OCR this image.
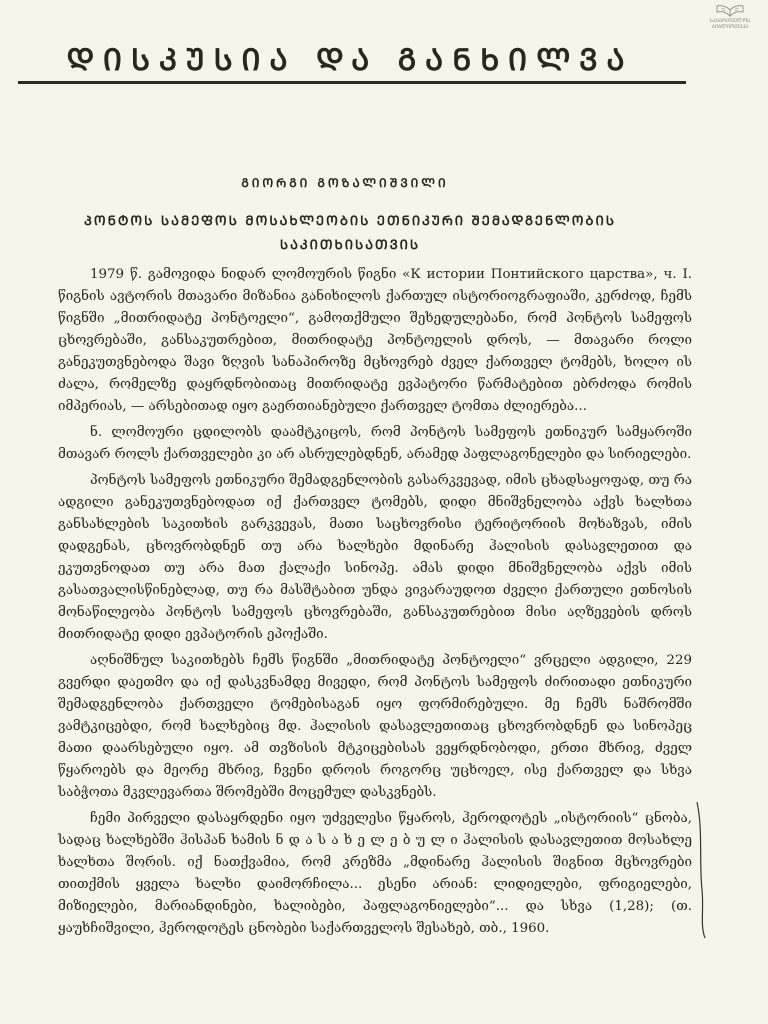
ᲡᲐᲥᲐᲠᲗᲕᲔᲚᲝᲡ
ᲑᲘᲑᲚᲘᲝᲗᲔᲙᲐ
ᲓᲘᲡᲙᲣᲡᲘᲐ ᲓᲐ ᲒᲐᲜᲮᲘᲚᲕᲐ
ᲒᲘᲝᲠᲒᲘ ᲒᲝᲖᲐᲚᲘᲨᲕᲘᲚᲘ
ᲞᲝᲜᲢᲝᲡ ᲡᲐᲛᲔᲤᲝᲡ ᲛᲝᲡᲐᲮᲚᲔᲝᲑᲘᲡ ᲔᲗᲜᲘᲙᲣᲠᲘ ᲨᲔᲛᲐᲓᲒᲔᲜᲚᲝᲑᲘᲡ ᲡᲐᲙᲘᲗᲮᲘᲡᲐᲗᲕᲘᲡ

1979 წ. გამოვიდა ნიდარ ლომოურის წიგნი «К истории Понтийского царства», ч. I. წიგნის ავტორის მთავარი მიზანია განიხილოს ქართულ ისტორიოგრაფიაში, კერძოდ, ჩემს წიგნში „მითრიდატე პონტოელი“, გამოთქმული შეხედულებანი, რომ პონტოს სამეფოს ცხოვრებაში, განსაკუთრებით, მითრიდატე პონტოელის დროს, — მთავარი როლი განეკუთვნებოდა შავი ზღვის სანაპიროზე მცხოვრებ ძველ ქართველ ტომებს, ხოლო ის ძალა, რომელზე დაყრდნობითაც მითრიდატე ევპატორი წარმატებით ებრძოდა რომის იმპერიას, — არსებითად იყო გაერთიანებული ქართველ ტომთა ძლიერება...

ნ. ლომოური ცდილობს დაამტკიცოს, რომ პონტოს სამეფოს ეთნიკურ სამყაროში მთავარ როლს ქართველები კი არ ასრულებდნენ, არამედ პაფლაგონელები და სირიელები.

პონტოს სამეფოს ეთნიკური შემადგენლობის გასარკვევად, იმის ცხადსაყოფად, თუ რა ადგილი განეკუთვნებოდათ იქ ქართველ ტომებს, დიდი მნიშვნელობა აქვს ხალხთა განსახლების საკითხის გარკვევას, მათი საცხოვრისი ტერიტორიის მოხაზვას, იმის დადგენას, ცხოვრობდნენ თუ არა ხალხები მდინარე ჰალისის დასავლეთით და ეკუთვნოდათ თუ არა მათ ქალაქი სინოპე. ამას დიდი მნიშვნელობა აქვს იმის გასათვალისწინებლად, თუ რა მასშტაბით უნდა ვივარაუდოთ ძველი ქართული ეთნოსის მონაწილეობა პონტოს სამეფოს ცხოვრებაში, განსაკუთრებით მისი აღზევების დროს მითრიდატე დიდი ევპატორის ეპოქაში.

აღნიშნულ საკითხებს ჩემს წიგნში „მითრიდატე პონტოელი“ ვრცელი ადგილი, 229 გვერდი დაეთმო და იქ დასკვნამდე მივედი, რომ პონტოს სამეფოს ძირითადი ეთნიკური შემადგენლობა ქართველი ტომებისაგან იყო ფორმირებული. მე ჩემს ნაშრომში ვამტკიცებდი, რომ ხალხებიც მდ. ჰალისის დასავლეთითაც ცხოვრობდნენ და სინოპეც მათი დაარსებული იყო. ამ თვზისის მტკიცებისას ვეყრდნობოდი, ერთი მხრივ, ძველ წყაროებს და მეორე მხრივ, ჩვენი დროის როგორც უცხოელ, ისე ქართველ და სხვა საბჭოთა მკვლევართა შრომებში მოცემულ დასკვნებს.

ჩემი პირველი დასაყრდენი იყო უძველესი წყაროს, ჰეროდოტეს „ისტორიის“ ცნობა, სადაც ხალხებში ჰისპან ხამის ნ დ ა ს ა ხ ე ლ ე ბ უ ლ ი ჰალისის დასავლეთით მოსახლე ხალხთა შორის. იქ ნათქვამია, რომ კრეზმა „მდინარე ჰალისის შიგნით მცხოვრები თითქმის ყველა ხალხი დაიმორჩილა... ესენი არიან: ლიდიელები, ფრიგიელები, მიზიელები, მარიანდინები, ხალიბები, პაფლაგონიელები“... და სხვა (1,28); (თ. ყაუხჩიშვილი, ჰეროდოტეს ცნობები საქართველოს შესახებ, თბ., 1960.
